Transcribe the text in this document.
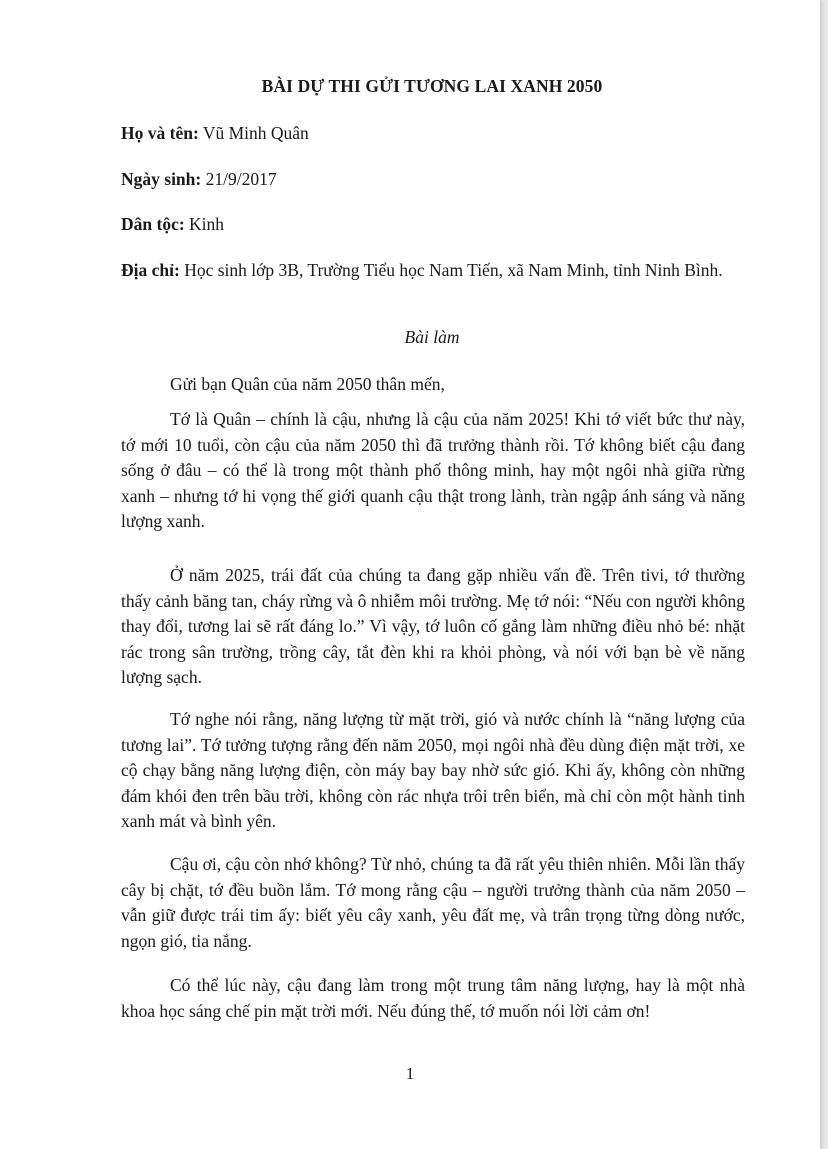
BÀI DỰ THI GỬI TƯƠNG LAI XANH 2050
Họ và tên: Vũ Minh Quân
Ngày sinh: 21/9/2017
Dân tộc: Kinh
Địa chỉ: Học sinh lớp 3B, Trường Tiểu học Nam Tiến, xã Nam Minh, tỉnh Ninh Bình.
Bài làm
Gửi bạn Quân của năm 2050 thân mến,
Tớ là Quân – chính là cậu, nhưng là cậu của năm 2025! Khi tớ viết bức thư này, tớ mới 10 tuổi, còn cậu của năm 2050 thì đã trưởng thành rồi. Tớ không biết cậu đang sống ở đâu – có thể là trong một thành phố thông minh, hay một ngôi nhà giữa rừng xanh – nhưng tớ hi vọng thế giới quanh cậu thật trong lành, tràn ngập ánh sáng và năng lượng xanh.
Ở năm 2025, trái đất của chúng ta đang gặp nhiều vấn đề. Trên tivi, tớ thường thấy cảnh băng tan, cháy rừng và ô nhiễm môi trường. Mẹ tớ nói: “Nếu con người không thay đổi, tương lai sẽ rất đáng lo.” Vì vậy, tớ luôn cố gắng làm những điều nhỏ bé: nhặt rác trong sân trường, trồng cây, tắt đèn khi ra khỏi phòng, và nói với bạn bè về năng lượng sạch.
Tớ nghe nói rằng, năng lượng từ mặt trời, gió và nước chính là “năng lượng của tương lai”. Tớ tưởng tượng rằng đến năm 2050, mọi ngôi nhà đều dùng điện mặt trời, xe cộ chạy bằng năng lượng điện, còn máy bay bay nhờ sức gió. Khi ấy, không còn những đám khói đen trên bầu trời, không còn rác nhựa trôi trên biển, mà chỉ còn một hành tinh xanh mát và bình yên.
Cậu ơi, cậu còn nhớ không? Từ nhỏ, chúng ta đã rất yêu thiên nhiên. Mỗi lần thấy cây bị chặt, tớ đều buồn lắm. Tớ mong rằng cậu – người trưởng thành của năm 2050 – vẫn giữ được trái tim ấy: biết yêu cây xanh, yêu đất mẹ, và trân trọng từng dòng nước, ngọn gió, tia nắng.
Có thể lúc này, cậu đang làm trong một trung tâm năng lượng, hay là một nhà khoa học sáng chế pin mặt trời mới. Nếu đúng thế, tớ muốn nói lời cảm ơn!
1
